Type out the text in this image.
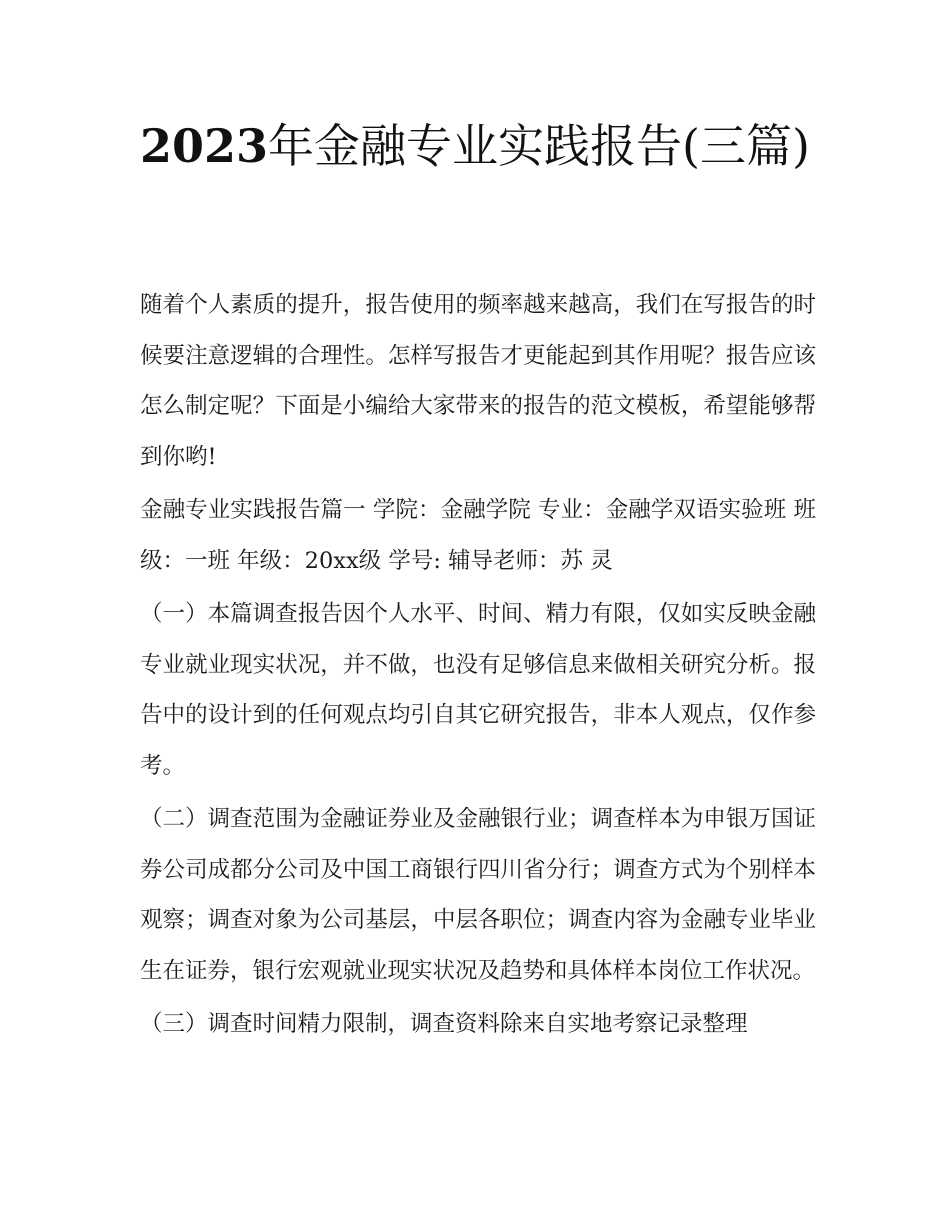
2023年金融专业实践报告(三篇)

随着个人素质的提升，报告使用的频率越来越高，我们在写报告的时候要注意逻辑的合理性。怎样写报告才更能起到其作用呢？报告应该怎么制定呢？下面是小编给大家带来的报告的范文模板，希望能够帮到你哟!

金融专业实践报告篇一 学院：金融学院 专业：金融学双语实验班 班级：一班 年级：20xx级 学号: 辅导老师：苏 灵

（一）本篇调查报告因个人水平、时间、精力有限，仅如实反映金融专业就业现实状况，并不做，也没有足够信息来做相关研究分析。报告中的设计到的任何观点均引自其它研究报告，非本人观点，仅作参考。

（二）调查范围为金融证券业及金融银行业；调查样本为申银万国证券公司成都分公司及中国工商银行四川省分行；调查方式为个别样本观察；调查对象为公司基层，中层各职位；调查内容为金融专业毕业生在证券，银行宏观就业现实状况及趋势和具体样本岗位工作状况。

（三）调查时间精力限制，调查资料除来自实地考察记录整理
